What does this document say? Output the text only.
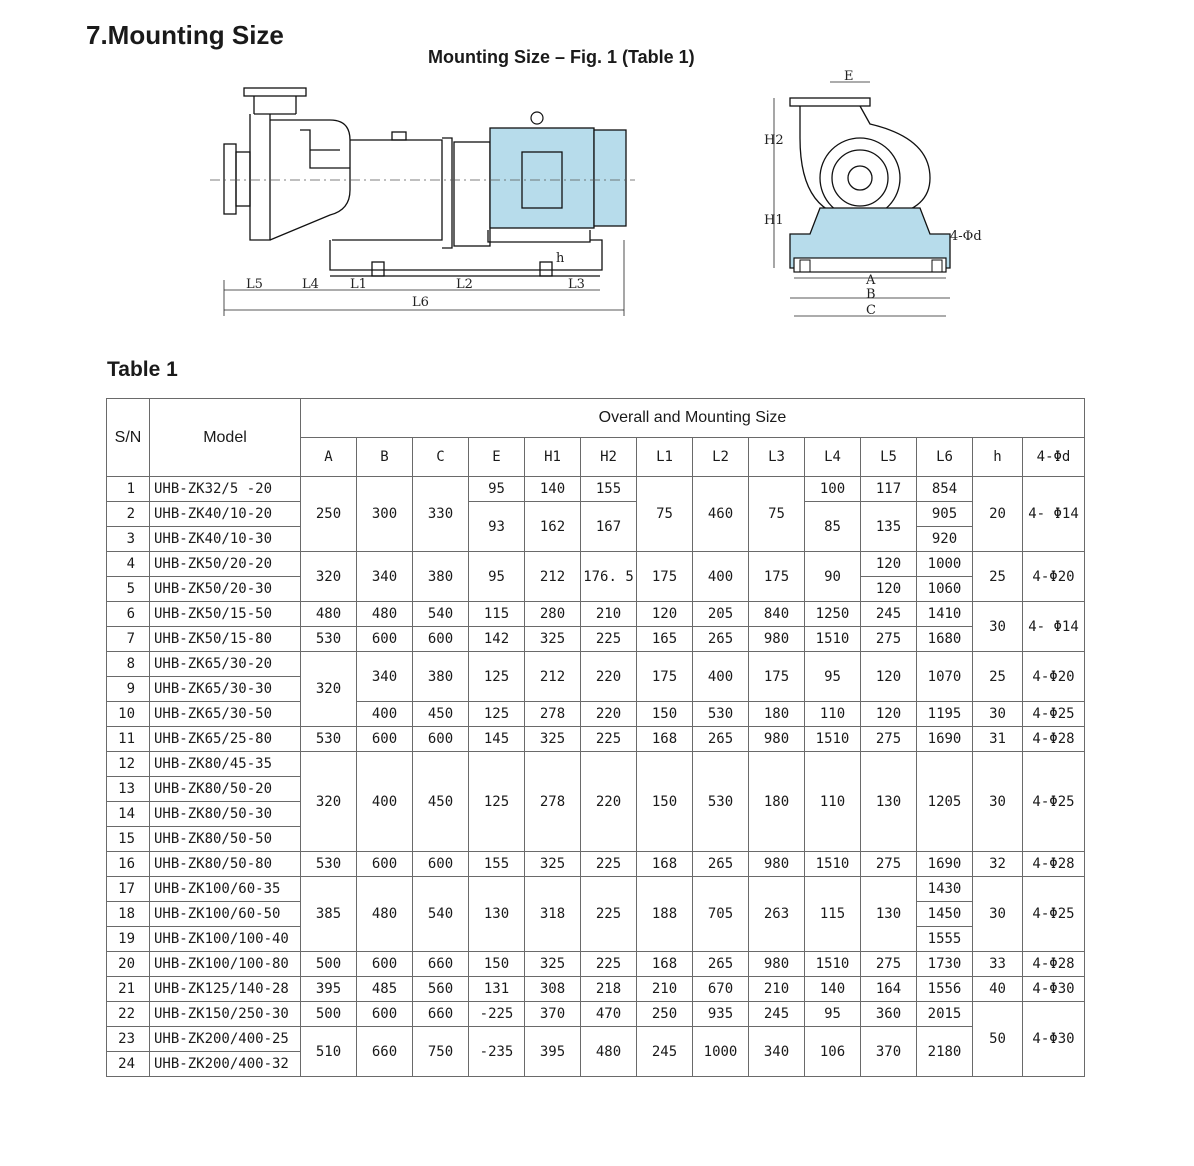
7.Mounting Size
Mounting Size – Fig. 1 (Table 1)
L5	L4 L1	L2	L3
L6
h
E
H2
H1
4-Φd
A
B
C
Table 1
S/N	Model	Overall and Mounting Size													
		A	B	C	E	H1	H2	L1	L2	L3	L4	L5	L6	h	4-Φd
1	UHB-ZK32/5 -20	250	300	330	95	140	155	75	460	75	100	117	854	20	4- Φ14
2	UHB-ZK40/10-20				93	162	167				85	135	905		
3	UHB-ZK40/10-30												920		
4	UHB-ZK50/20-20	320	340	380	95	212	176. 5	175	400	175	90	120	1000	25	4-Φ20
5	UHB-ZK50/20-30											120	1060		
6	UHB-ZK50/15-50	480	480	540	115	280	210	120	205	840	1250	245	1410	30	4- Φ14
7	UHB-ZK50/15-80	530	600	600	142	325	225	165	265	980	1510	275	1680		
8	UHB-ZK65/30-20	320	340	380	125	212	220	175	400	175	95	120	1070	25	4-Φ20
9	UHB-ZK65/30-30														
10	UHB-ZK65/30-50		400	450	125	278	220	150	530	180	110	120	1195	30	4-Φ25
11	UHB-ZK65/25-80	530	600	600	145	325	225	168	265	980	1510	275	1690	31	4-Φ28
12	UHB-ZK80/45-35	320	400	450	125	278	220	150	530	180	110	130	1205	30	4-Φ25
13	UHB-ZK80/50-20														
14	UHB-ZK80/50-30														
15	UHB-ZK80/50-50														
16	UHB-ZK80/50-80	530	600	600	155	325	225	168	265	980	1510	275	1690	32	4-Φ28
17	UHB-ZK100/60-35	385	480	540	130	318	225	188	705	263	115	130	1430	30	4-Φ25
18	UHB-ZK100/60-50												1450		
19	UHB-ZK100/100-40												1555		
20	UHB-ZK100/100-80	500	600	660	150	325	225	168	265	980	1510	275	1730	33	4-Φ28
21	UHB-ZK125/140-28	395	485	560	131	308	218	210	670	210	140	164	1556	40	4-Φ30
22	UHB-ZK150/250-30	500	600	660	-225	370	470	250	935	245	95	360	2015	50	4-Φ30
23	UHB-ZK200/400-25	510	660	750	-235	395	480	245	1000	340	106	370	2180		
24	UHB-ZK200/400-32														
